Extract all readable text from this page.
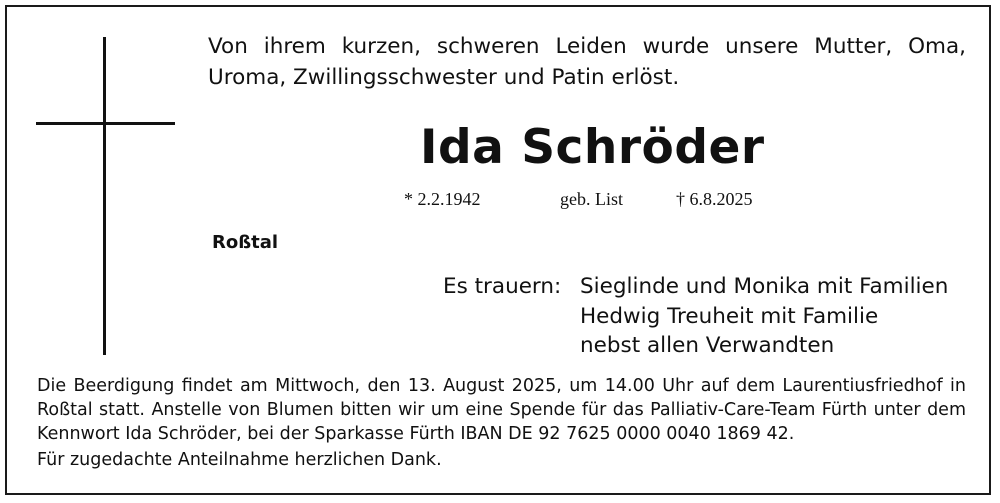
Von ihrem kurzen, schweren Leiden wurde unsere Mutter, Oma, Uroma, Zwillingsschwester und Patin erlöst.
Ida Schröder
* 2.2.1942	geb. List	† 6.8.2025
Roßtal
Es trauern: Sieglinde und Monika mit Familien
Hedwig Treuheit mit Familie
nebst allen Verwandten
Die Beerdigung findet am Mittwoch, den 13. August 2025, um 14.00 Uhr auf dem Laurentiusfriedhof in Roßtal statt. Anstelle von Blumen bitten wir um eine Spende für das Palliativ-Care-Team Fürth unter dem Kennwort Ida Schröder, bei der Sparkasse Fürth IBAN DE 92 7625 0000 0040 1869 42.
Für zugedachte Anteilnahme herzlichen Dank.
